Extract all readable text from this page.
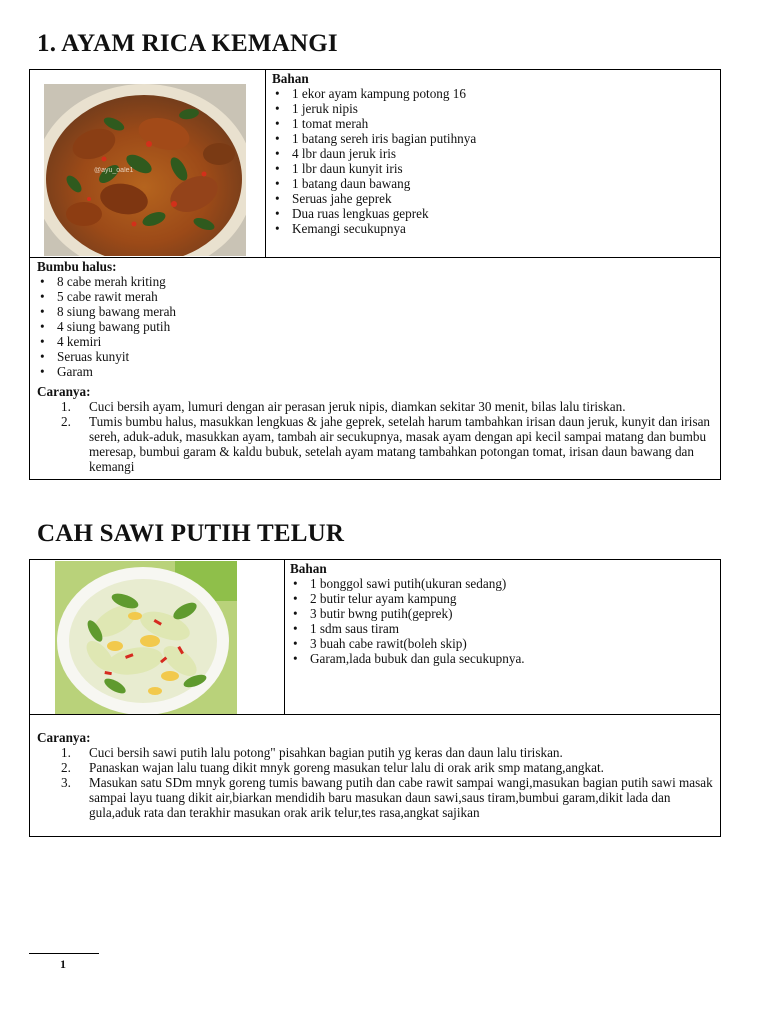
1. AYAM RICA KEMANGI
@ayu_oale1
Bahan
• 1 ekor ayam kampung potong 16
• 1 jeruk nipis
• 1 tomat merah
• 1 batang sereh iris bagian putihnya
• 4 lbr daun jeruk iris
• 1 lbr daun kunyit iris
• 1 batang daun bawang
• Seruas jahe geprek
• Dua ruas lengkuas geprek
• Kemangi secukupnya
Bumbu halus:
• 8 cabe merah kriting
• 5 cabe rawit merah
• 8 siung bawang merah
• 4 siung bawang putih
• 4 kemiri
• Seruas kunyit
• Garam
Caranya:
1. Cuci bersih ayam, lumuri dengan air perasan jeruk nipis, diamkan sekitar 30 menit, bilas lalu tiriskan.
2. Tumis bumbu halus, masukkan lengkuas & jahe geprek, setelah harum tambahkan irisan daun jeruk, kunyit dan irisan sereh, aduk-aduk, masukkan ayam, tambah air secukupnya, masak ayam dengan api kecil sampai matang dan bumbu meresap, bumbui garam & kaldu bubuk, setelah ayam matang tambahkan potongan tomat, irisan daun bawang dan kemangi
CAH SAWI PUTIH TELUR
Bahan
• 1 bonggol sawi putih(ukuran sedang)
• 2 butir telur ayam kampung
• 3 butir bwng putih(geprek)
• 1 sdm saus tiram
• 3 buah cabe rawit(boleh skip)
• Garam,lada bubuk dan gula secukupnya.
Caranya:
1. Cuci bersih sawi putih lalu potong" pisahkan bagian putih yg keras dan daun lalu tiriskan.
2. Panaskan wajan lalu tuang dikit mnyk goreng masukan telur lalu di orak arik smp matang,angkat.
3. Masukan satu SDm mnyk goreng tumis bawang putih dan cabe rawit sampai wangi,masukan bagian putih sawi masak sampai layu tuang dikit air,biarkan mendidih baru masukan daun sawi,saus tiram,bumbui garam,dikit lada dan gula,aduk rata dan terakhir masukan orak arik telur,tes rasa,angkat sajikan
1
